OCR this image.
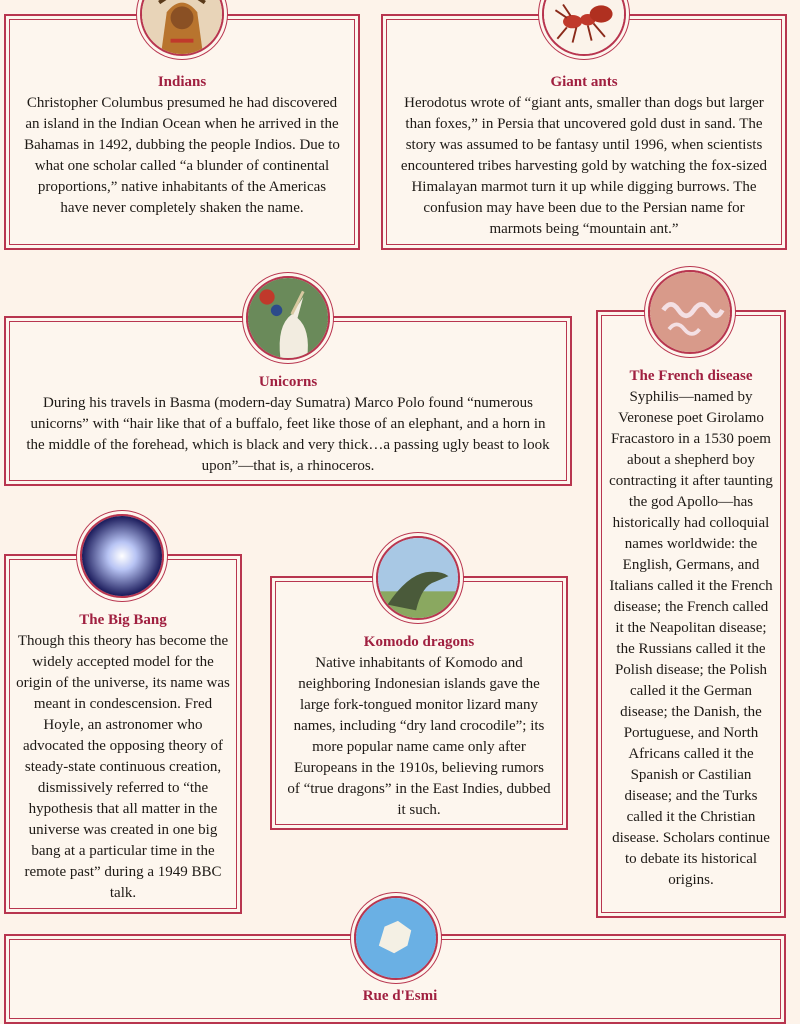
Indians

Christopher Columbus presumed he had discovered an island in the Indian Ocean when he arrived in the Bahamas in 1492, dubbing the people Indios. Due to what one scholar called “a blunder of continental proportions,” native inhabitants of the Americas have never completely shaken the name.

Giant ants

Herodotus wrote of “giant ants, smaller than dogs but larger than foxes,” in Persia that uncovered gold dust in sand. The story was assumed to be fantasy until 1996, when scientists encountered tribes harvesting gold by watching the fox-sized Himalayan marmot turn it up while digging burrows. The confusion may have been due to the Persian name for marmots being “mountain ant.”

Unicorns

During his travels in Basma (modern-day Sumatra) Marco Polo found “numerous unicorns” with “hair like that of a buffalo, feet like those of an elephant, and a horn in the middle of the forehead, which is black and very thick…a passing ugly beast to look upon”—that is, a rhinoceros.

The French disease

Syphilis—named by Veronese poet Girolamo Fracastoro in a 1530 poem about a shepherd boy contracting it after taunting the god Apollo—has historically had colloquial names worldwide: the English, Germans, and Italians called it the French disease; the French called it the Neapolitan disease; the Russians called it the Polish disease; the Polish called it the German disease; the Danish, the Portuguese, and North Africans called it the Spanish or Castilian disease; and the Turks called it the Christian disease. Scholars continue to debate its historical origins.

The Big Bang

Though this theory has become the widely accepted model for the origin of the universe, its name was meant in condescension. Fred Hoyle, an astronomer who advocated the opposing theory of steady-state continuous creation, dismissively referred to “the hypothesis that all matter in the universe was created in one big bang at a particular time in the remote past” during a 1949 BBC talk.

Komodo dragons

Native inhabitants of Komodo and neighboring Indonesian islands gave the large fork-tongued monitor lizard many names, including “dry land crocodile”; its more popular name came only after Europeans in the 1910s, believing rumors of “true dragons” in the East Indies, dubbed it such.

Rue d'Esmi
